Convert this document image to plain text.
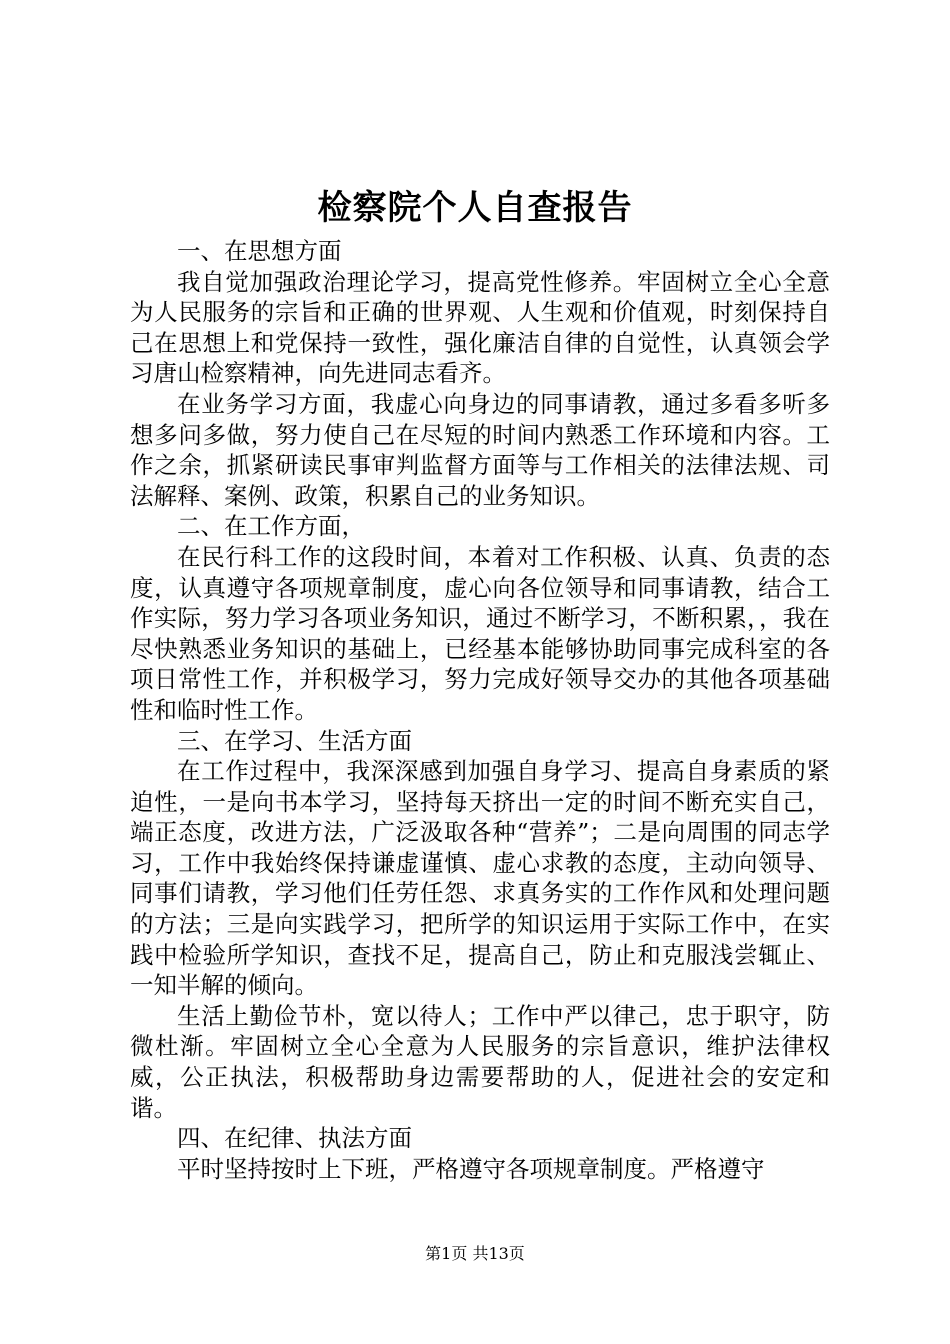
检察院个人自查报告

一、在思想方面

我自觉加强政治理论学习，提高党性修养。牢固树立全心全意为人民服务的宗旨和正确的世界观、人生观和价值观，时刻保持自己在思想上和党保持一致性，强化廉洁自律的自觉性，认真领会学习唐山检察精神，向先进同志看齐。

在业务学习方面，我虚心向身边的同事请教，通过多看多听多想多问多做，努力使自己在尽短的时间内熟悉工作环境和内容。工作之余，抓紧研读民事审判监督方面等与工作相关的法律法规、司法解释、案例、政策，积累自己的业务知识。

二、在工作方面，

在民行科工作的这段时间，本着对工作积极、认真、负责的态度，认真遵守各项规章制度，虚心向各位领导和同事请教，结合工作实际，努力学习各项业务知识，通过不断学习，不断积累，，我在尽快熟悉业务知识的基础上，已经基本能够协助同事完成科室的各项日常性工作，并积极学习，努力完成好领导交办的其他各项基础性和临时性工作。

三、在学习、生活方面

在工作过程中，我深深感到加强自身学习、提高自身素质的紧迫性，一是向书本学习，坚持每天挤出一定的时间不断充实自己，端正态度，改进方法，广泛汲取各种“营养”；二是向周围的同志学习，工作中我始终保持谦虚谨慎、虚心求教的态度，主动向领导、同事们请教，学习他们任劳任怨、求真务实的工作作风和处理问题的方法；三是向实践学习，把所学的知识运用于实际工作中，在实践中检验所学知识，查找不足，提高自己，防止和克服浅尝辄止、一知半解的倾向。

生活上勤俭节朴，宽以待人；工作中严以律己，忠于职守，防微杜渐。牢固树立全心全意为人民服务的宗旨意识，维护法律权威，公正执法，积极帮助身边需要帮助的人，促进社会的安定和谐。

四、在纪律、执法方面

平时坚持按时上下班，严格遵守各项规章制度。严格遵守

第1页 共13页
